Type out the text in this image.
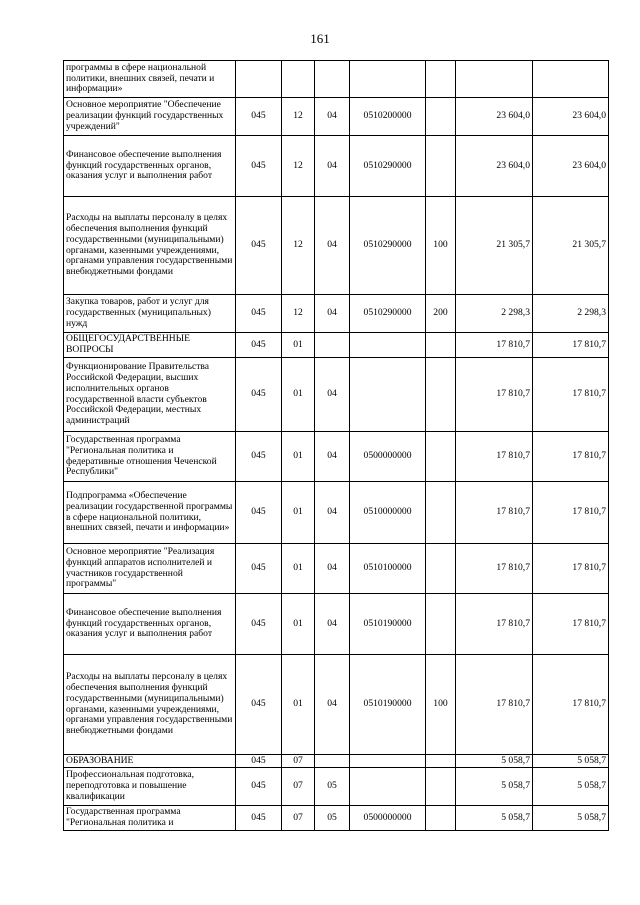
161
программы в сфере национальной политики, внешних связей, печати и информации»							
Основное мероприятие "Обеспечение реализации функций государственных учреждений"	045	12	04	0510200000		23 604,0	23 604,0
Финансовое обеспечение выполнения функций государственных органов, оказания услуг и выполнения работ	045	12	04	0510290000		23 604,0	23 604,0
Расходы на выплаты персоналу в целях обеспечения выполнения функций государственными (муниципальными) органами, казенными учреждениями, органами управления государственными внебюджетными фондами	045	12	04	0510290000	100	21 305,7	21 305,7
Закупка товаров, работ и услуг для государственных (муниципальных) нужд	045	12	04	0510290000	200	2 298,3	2 298,3
ОБЩЕГОСУДАРСТВЕННЫЕ ВОПРОСЫ	045	01				17 810,7	17 810,7
Функционирование Правительства Российской Федерации, высших исполнительных органов государственной власти субъектов Российской Федерации, местных администраций	045	01	04			17 810,7	17 810,7
Государственная программа "Региональная политика и федеративные отношения Чеченской Республики"	045	01	04	0500000000		17 810,7	17 810,7
Подпрограмма «Обеспечение реализации государственной программы в сфере национальной политики, внешних связей, печати и информации»	045	01	04	0510000000		17 810,7	17 810,7
Основное мероприятие "Реализация функций аппаратов исполнителей и участников государственной программы"	045	01	04	0510100000		17 810,7	17 810,7
Финансовое обеспечение выполнения функций государственных органов, оказания услуг и выполнения работ	045	01	04	0510190000		17 810,7	17 810,7
Расходы на выплаты персоналу в целях обеспечения выполнения функций государственными (муниципальными) органами, казенными учреждениями, органами управления государственными внебюджетными фондами	045	01	04	0510190000	100	17 810,7	17 810,7
ОБРАЗОВАНИЕ	045	07				5 058,7	5 058,7
Профессиональная подготовка, переподготовка и повышение квалификации	045	07	05			5 058,7	5 058,7
Государственная программа "Региональная политика и	045	07	05	0500000000		5 058,7	5 058,7
